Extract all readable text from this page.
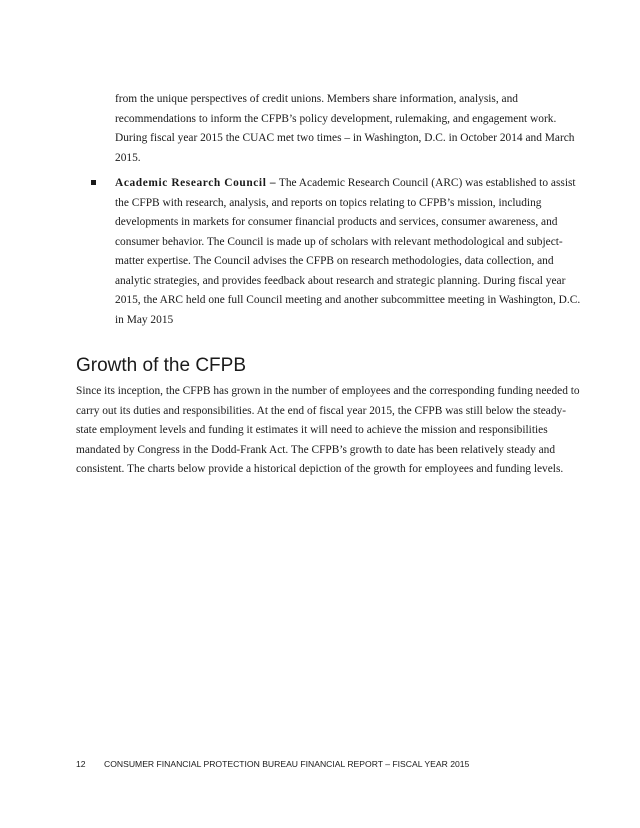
from the unique perspectives of credit unions. Members share information, analysis, and recommendations to inform the CFPB’s policy development, rulemaking, and engagement work. During fiscal year 2015 the CUAC met two times – in Washington, D.C. in October 2014 and March 2015.

Academic Research Council – The Academic Research Council (ARC) was established to assist the CFPB with research, analysis, and reports on topics relating to CFPB’s mission, including developments in markets for consumer financial products and services, consumer awareness, and consumer behavior. The Council is made up of scholars with relevant methodological and subject-matter expertise. The Council advises the CFPB on research methodologies, data collection, and analytic strategies, and provides feedback about research and strategic planning. During fiscal year 2015, the ARC held one full Council meeting and another subcommittee meeting in Washington, D.C. in May 2015

Growth of the CFPB

Since its inception, the CFPB has grown in the number of employees and the corresponding funding needed to carry out its duties and responsibilities. At the end of fiscal year 2015, the CFPB was still below the steady-state employment levels and funding it estimates it will need to achieve the mission and responsibilities mandated by Congress in the Dodd-Frank Act. The CFPB’s growth to date has been relatively steady and consistent. The charts below provide a historical depiction of the growth for employees and funding levels.

12 CONSUMER FINANCIAL PROTECTION BUREAU FINANCIAL REPORT – FISCAL YEAR 2015
